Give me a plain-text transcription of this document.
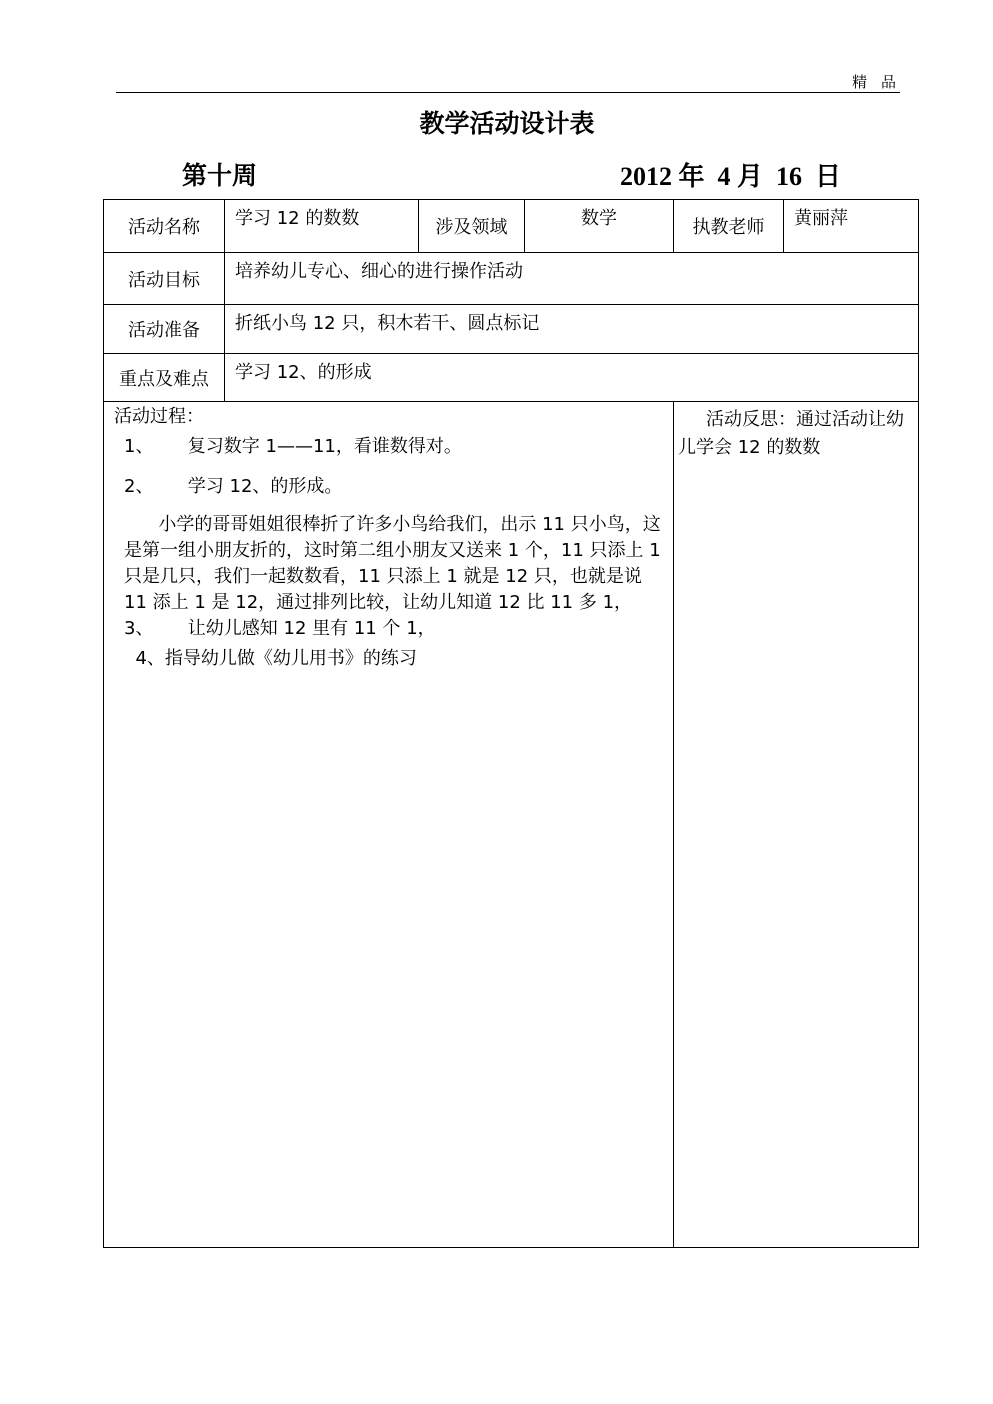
精品
教学活动设计表
第十周	2012 年  4 月  16  日
活动名称	学习 12 的数数	涉及领域	数学	执教老师	黄丽萍
活动目标	培养幼儿专心、细心的进行操作活动
活动准备	折纸小鸟 12 只，积木若干、圆点标记
重点及难点	学习 12、的形成

活动过程：

1、      复习数字 1——11，看谁数得对。

2、      学习 12、的形成。

小学的哥哥姐姐很棒折了许多小鸟给我们，出示 11 只小鸟，这是第一组小朋友折的，这时第二组小朋友又送来 1 个，11 只添上 1 只是几只，我们一起数数看，11 只添上 1 就是 12 只，也就是说 11 添上 1 是 12，通过排列比较，让幼儿知道 12 比 11 多 1，

3、      让幼儿感知 12 里有 11 个 1，

4、指导幼儿做《幼儿用书》的练习

活动反思：通过活动让幼儿学会 12 的数数
